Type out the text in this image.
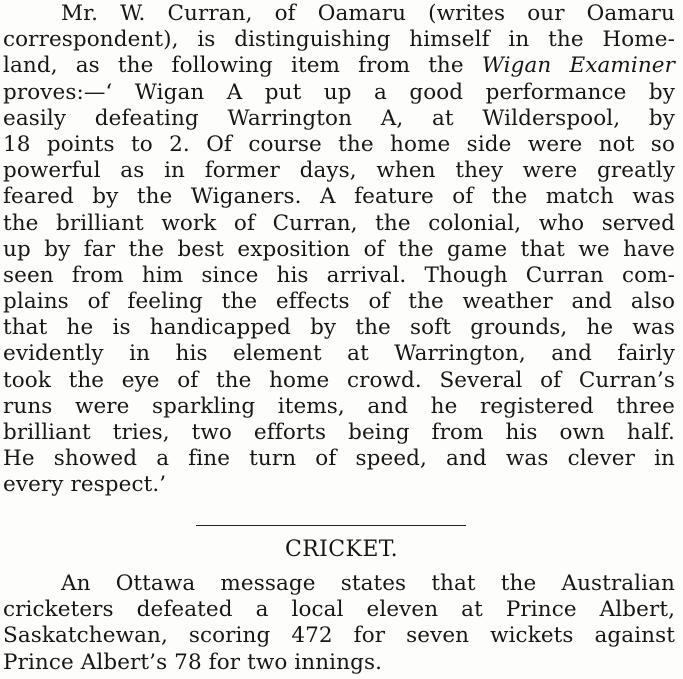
Mr. W. Curran, of Oamaru (writes our Oamaru
correspondent), is distinguishing himself in the Home-
land, as the following item from the Wigan Examiner
proves:—‘ Wigan A put up a good performance by
easily defeating Warrington A, at Wilderspool, by
18 points to 2. Of course the home side were not so
powerful as in former days, when they were greatly
feared by the Wiganers. A feature of the match was
the brilliant work of Curran, the colonial, who served
up by far the best exposition of the game that we have
seen from him since his arrival. Though Curran com-
plains of feeling the effects of the weather and also
that he is handicapped by the soft grounds, he was
evidently in his element at Warrington, and fairly
took the eye of the home crowd. Several of Curran’s
runs were sparkling items, and he registered three
brilliant tries, two efforts being from his own half.
He showed a fine turn of speed, and was clever in
every respect.’
CRICKET.
An Ottawa message states that the Australian
cricketers defeated a local eleven at Prince Albert,
Saskatchewan, scoring 472 for seven wickets against
Prince Albert’s 78 for two innings.
